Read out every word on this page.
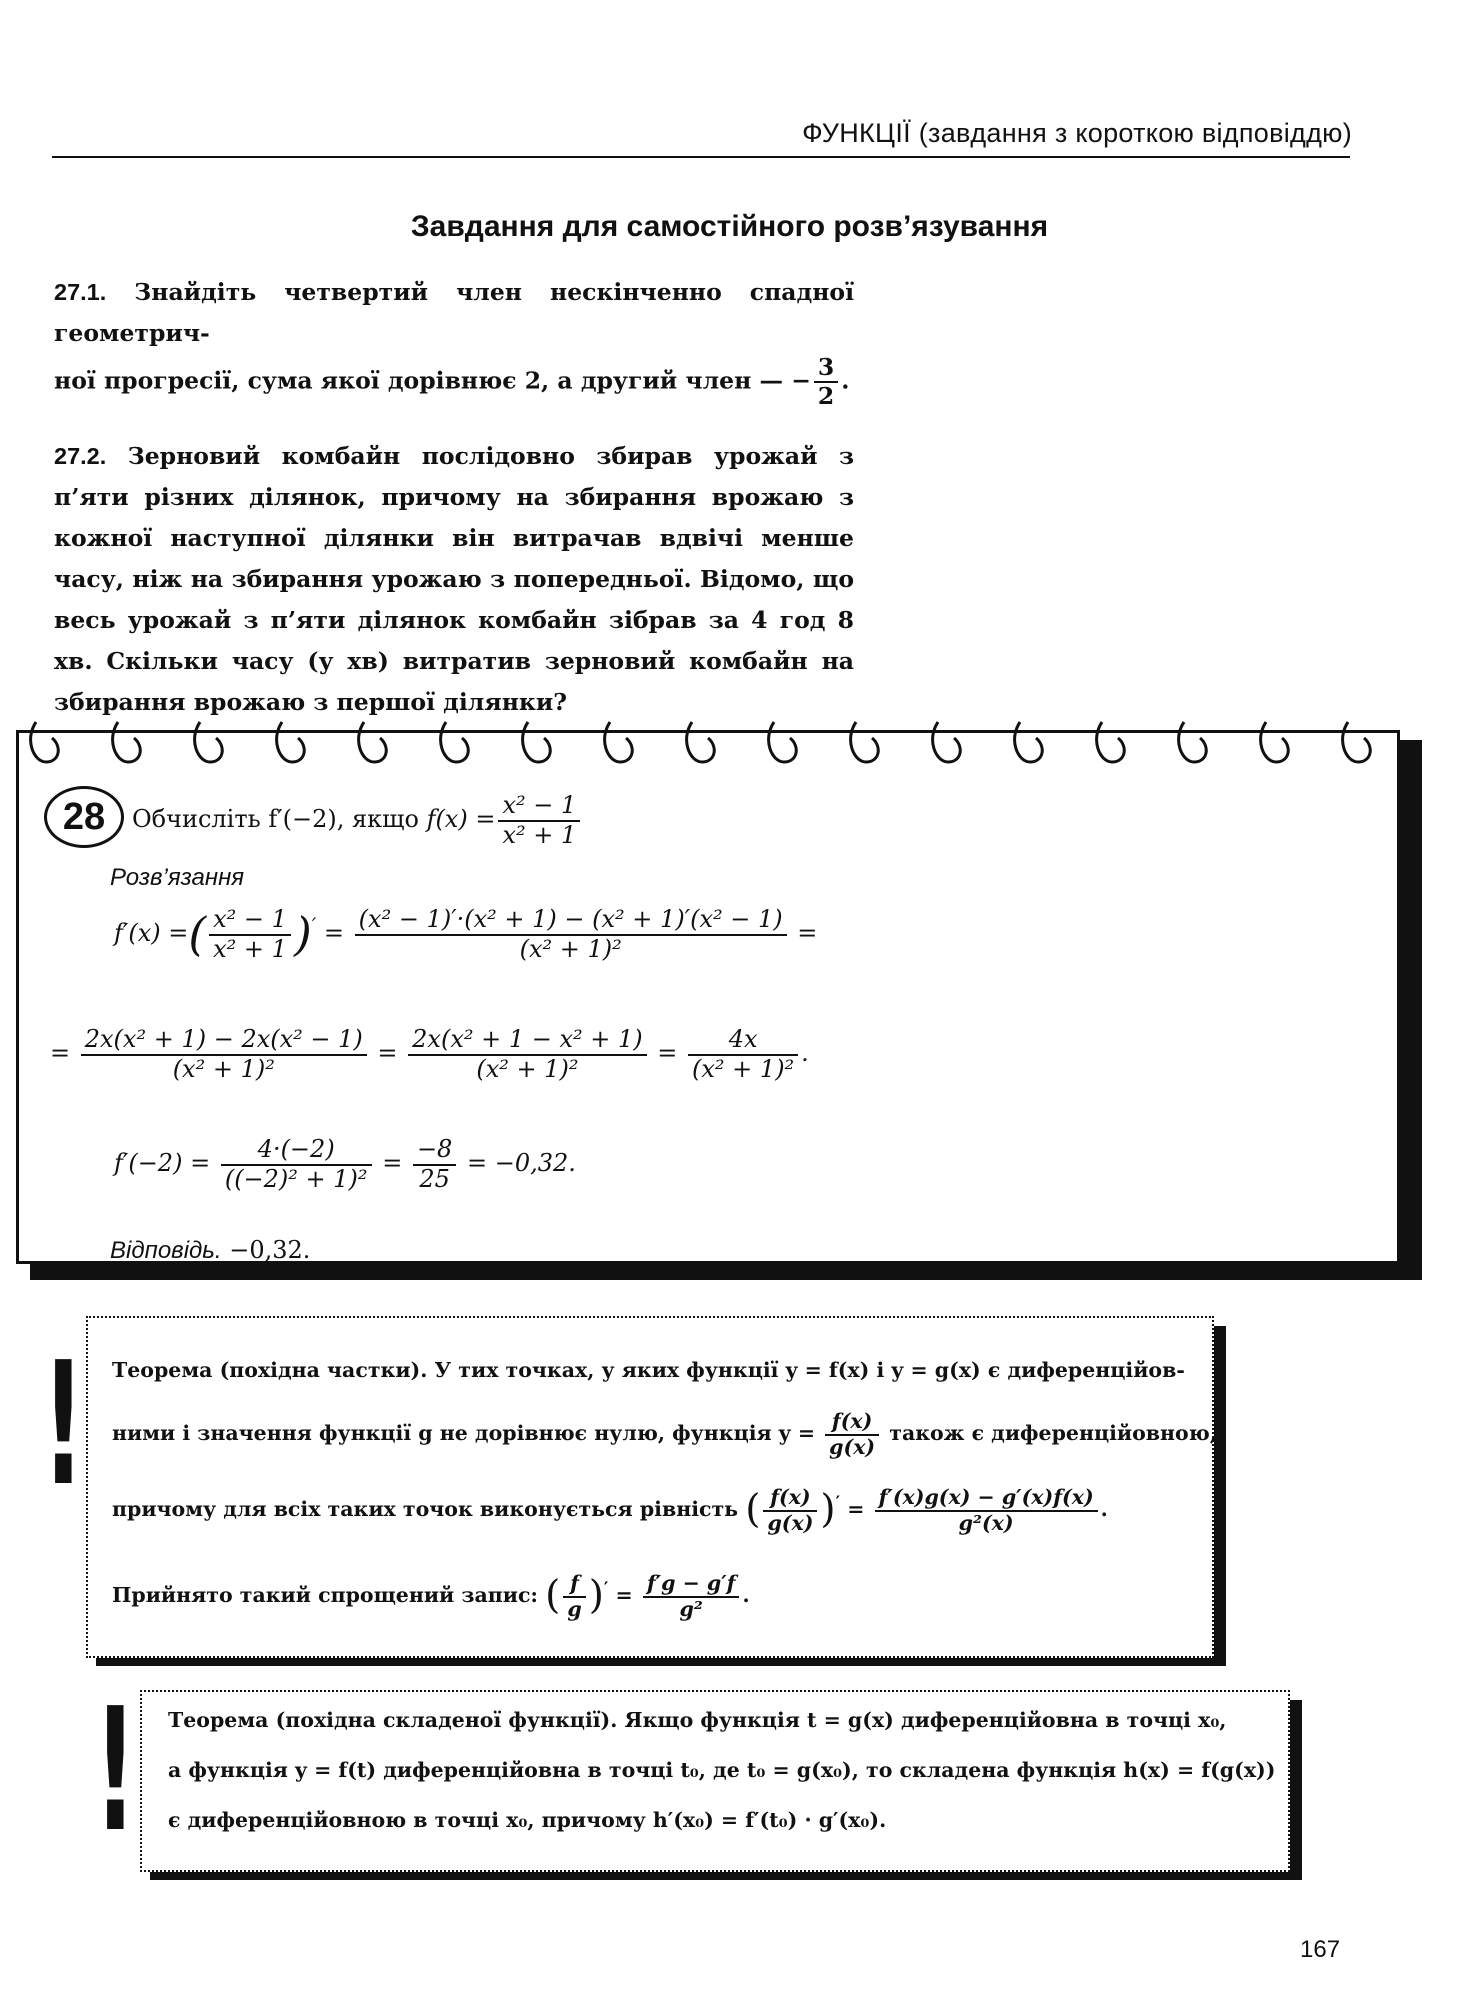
ФУНКЦІЇ (завдання з короткою відповіддю)
Завдання для самостійного розв’язування
27.1. Знайдіть четвертий член нескінченно спадної геометрич-
ної прогресії, сума якої дорівнює 2, а другий член — − $\frac{3}{2}$ .
27.2. Зерновий комбайн послідовно збирав урожай з п’яти різних ділянок, причому на збирання врожаю з кожної наступної ділянки він витрачав вдвічі менше часу, ніж на збирання урожаю з попередньої. Відомо, що весь урожай з п’яти ділянок комбайн зібрав за 4 год 8 хв. Скільки часу (у хв) витратив зерновий комбайн на збирання врожаю з першої ділянки?
28	Обчисліть f′(−2), якщо $f(x) = \frac{\text{x² − 1}}{\text{x² + 1}}$
Розв’язання
f′(x) =( $\frac{\text{x² − 1}}{\text{x² + 1}} )' = \frac{\text{(x² − 1)′·(x² + 1) − (x² + 1)′(x² − 1)}}{\text{(x² + 1)²}}$ =
= $\frac{\text{2x(x² + 1) − 2x(x² − 1)}}{\text{(x² + 1)²}} = \frac{\text{2x(x² + 1 − x² + 1)}}{\text{(x² + 1)²}} = \frac{4x}{\text{(x² + 1)²}}$ .
$f'(-2) = \frac{4\cdot(-2)}{\text{((−2)² + 1)²}} = \frac{-8}{25} = -0,32$.
Відповідь. −0,32.
! Теорема (похідна частки). У тих точках, у яких функції y = f(x) і y = g(x) є диференційов-
ними і значення функції g не дорівнює нулю, функція $y = \frac{f(x)}{g(x)}$ також є диференційовною,
причому для всіх таких точок виконується рівність ( $\frac{f(x)}{g(x)} )' = \frac{f'(x)g(x) - g'(x)f(x)}{\text{g²(x)}}$ .
Прийнято такий спрощений запис: ( $\frac{f}{g} )' = \frac{f'g - g'f}{\text{g²}}$ .
! Теорема (похідна складеної функції). Якщо функція t = g(x) диференційовна в точці x₀,
а функція y = f(t) диференційовна в точці t₀, де t₀ = g(x₀), то складена функція h(x) = f(g(x))
є диференційовною в точці x₀, причому h′(x₀) = f′(t₀) · g′(x₀).
167
